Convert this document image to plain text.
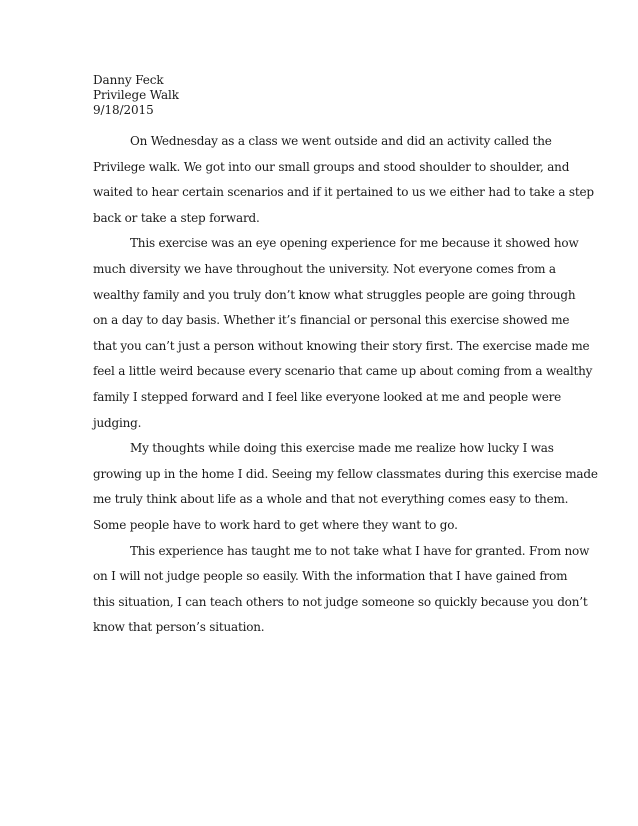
Danny Feck
Privilege Walk
9/18/2015

On Wednesday as a class we went outside and did an activity called the
Privilege walk. We got into our small groups and stood shoulder to shoulder, and
waited to hear certain scenarios and if it pertained to us we either had to take a step
back or take a step forward.

This exercise was an eye opening experience for me because it showed how
much diversity we have throughout the university. Not everyone comes from a
wealthy family and you truly don’t know what struggles people are going through
on a day to day basis. Whether it’s financial or personal this exercise showed me
that you can’t just a person without knowing their story first. The exercise made me
feel a little weird because every scenario that came up about coming from a wealthy
family I stepped forward and I feel like everyone looked at me and people were
judging.

My thoughts while doing this exercise made me realize how lucky I was
growing up in the home I did. Seeing my fellow classmates during this exercise made
me truly think about life as a whole and that not everything comes easy to them.
Some people have to work hard to get where they want to go.

This experience has taught me to not take what I have for granted. From now
on I will not judge people so easily. With the information that I have gained from
this situation, I can teach others to not judge someone so quickly because you don’t
know that person’s situation.
